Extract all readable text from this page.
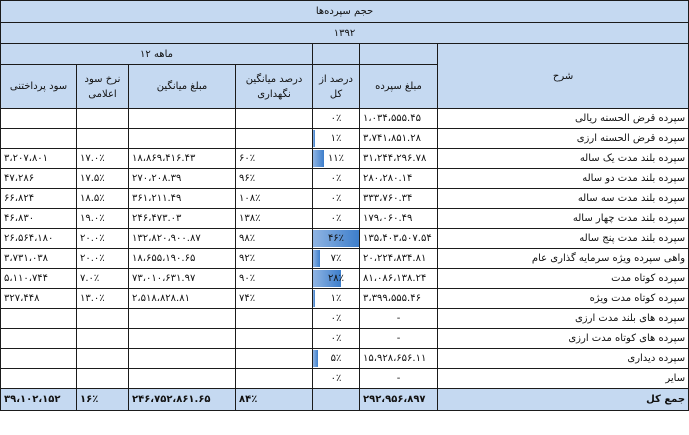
حجم سپرده‌ها						
۱۳۹۲						
۱۲ ماهه						شرح
سود پرداختنی	نرخ سود اعلامی	مبلغ میانگین	درصد میانگین نگهداری	درصد از کل	مبلغ سپرده	

				۰٪	۱،۰۳۴،۵۵۵.۴۵	سپرده قرض الحسنه ریالی

				۱٪	۳،۷۴۱،۸۵۱.۲۸	سپرده قرض الحسنه ارزی
۳،۲۰۷،۸۰۱	۱۷.۰٪	۱۸،۸۶۹،۴۱۶.۴۳	۶۰٪	۱۱٪	۳۱،۲۴۴،۲۹۶.۷۸	سپرده بلند مدت یک ساله
۴۷،۲۸۶	۱۷.۵٪	۲۷۰،۲۰۸.۳۹	۹۶٪	۰٪	۲۸۰،۲۸۰.۱۴	سپرده بلند مدت دو ساله
۶۶،۸۲۴	۱۸.۵٪	۳۶۱،۲۱۱.۴۹	۱۰۸٪	۰٪	۳۳۳،۷۶۰.۳۴	سپرده بلند مدت سه ساله
۴۶،۸۳۰	۱۹.۰٪	۲۴۶،۴۷۳.۰۳	۱۳۸٪	۰٪	۱۷۹،۰۶۰.۴۹	سپرده بلند مدت چهار ساله
۲۶،۵۶۴،۱۸۰	۲۰.۰٪	۱۳۲،۸۲۰،۹۰۰.۸۷	۹۸٪	۴۶٪	۱۳۵،۴۰۳،۵۰۷.۵۴	سپرده بلند مدت پنج ساله
۳،۷۳۱،۰۳۸	۲۰.۰٪	۱۸،۶۵۵،۱۹۰.۶۵	۹۲٪	۷٪	۲۰،۲۲۴،۸۳۴.۸۱	واهی سپرده ویژه سرمایه گذاری عام
۵،۱۱۰،۷۴۴	۷.۰٪	۷۳،۰۱۰،۶۳۱.۹۷	۹۰٪	۲۸٪	۸۱،۰۸۶،۱۳۸.۲۴	سپرده کوتاه مدت
۳۲۷،۴۴۸	۱۳.۰٪	۲،۵۱۸،۸۲۸.۸۱	۷۴٪	۱٪	۳،۳۹۹،۵۵۵.۴۶	سپرده کوتاه مدت ویژه

				۰٪	-	سپرده های بلند مدت ارزی

				۰٪	-	سپرده های کوتاه مدت ارزی

				۵٪	۱۵،۹۲۸،۶۵۶.۱۱	سپرده دیداری

				۰٪	-	سایر
۳۹،۱۰۲،۱۵۲	۱۶٪	۲۴۶،۷۵۲،۸۶۱.۶۵	۸۴٪		۲۹۲،۹۵۶،۸۹۷	جمع کل
